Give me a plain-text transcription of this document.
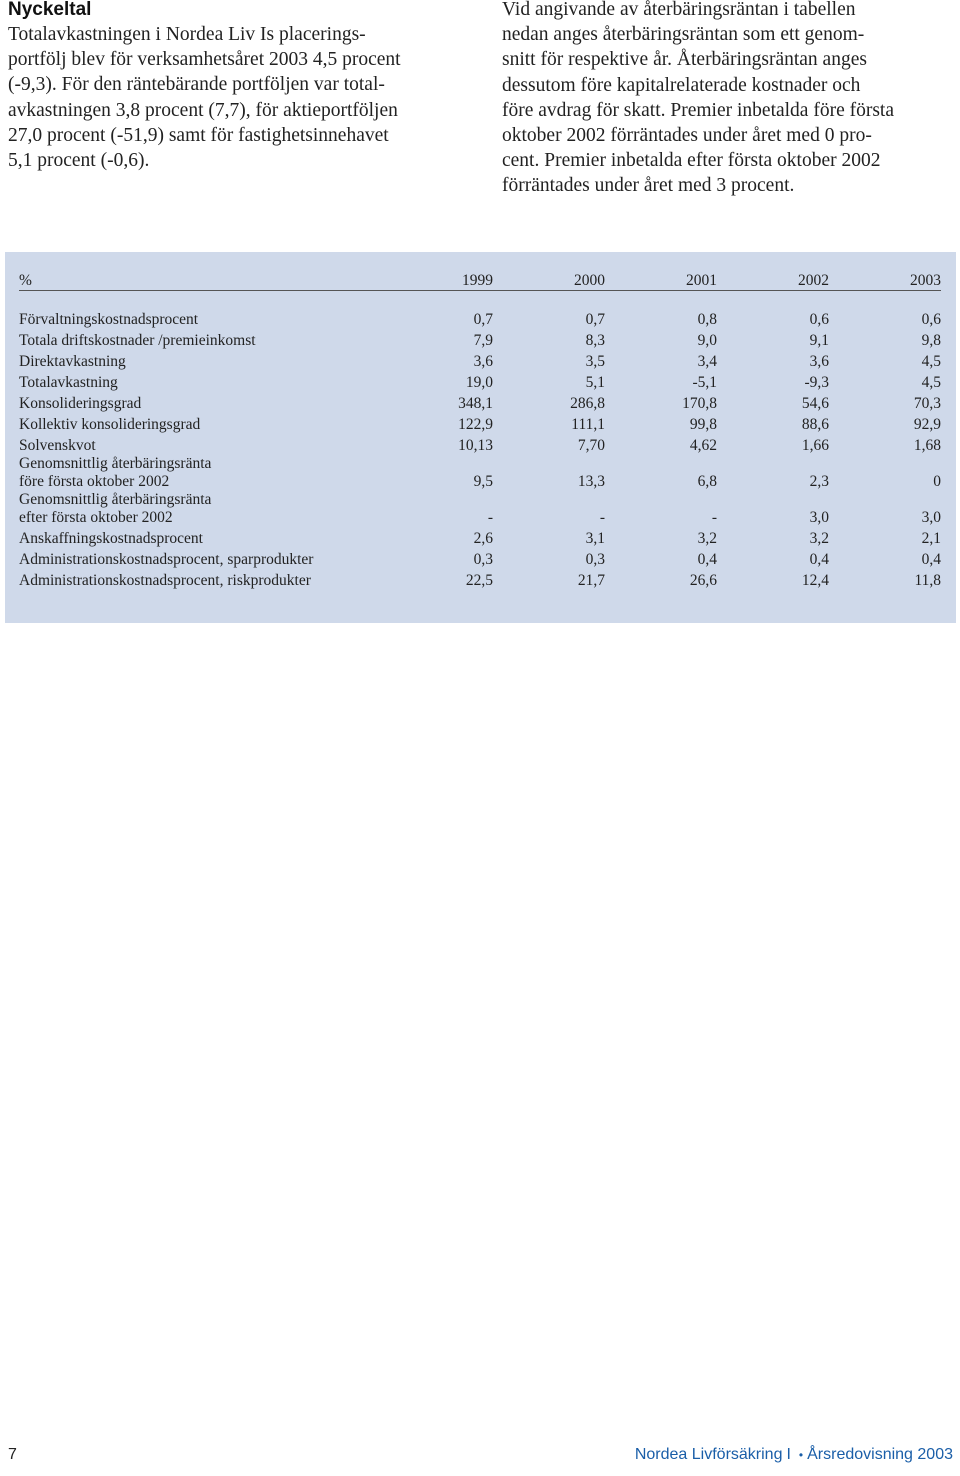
Nyckeltal

Totalavkastningen i Nordea Liv Is placerings-
portfölj blev för verksamhetsåret 2003 4,5 procent
(-9,3). För den räntebärande portföljen var total-
avkastningen 3,8 procent (7,7), för aktieportföljen
27,0 procent (-51,9) samt för fastighetsinnehavet
5,1 procent (-0,6).

Vid angivande av återbäringsräntan i tabellen
nedan anges återbäringsräntan som ett genom-
snitt för respektive år. Återbäringsräntan anges
dessutom före kapitalrelaterade kostnader och
före avdrag för skatt. Premier inbetalda före första
oktober 2002 förräntades under året med 0 pro-
cent. Premier inbetalda efter första oktober 2002
förräntades under året med 3 procent.

%	1999	2000	2001	2002	2003
Förvaltningskostnadsprocent	0,7	0,7	0,8	0,6	0,6
Totala driftskostnader /premieinkomst	7,9	8,3	9,0	9,1	9,8
Direktavkastning	3,6	3,5	3,4	3,6	4,5
Totalavkastning	19,0	5,1	-5,1	-9,3	4,5
Konsolideringsgrad	348,1	286,8	170,8	54,6	70,3
Kollektiv konsolideringsgrad	122,9	111,1	99,8	88,6	92,9
Solvenskvot	10,13	7,70	4,62	1,66	1,68
Genomsnittlig återbäringsränta
före första oktober 2002	9,5	13,3	6,8	2,3	0
Genomsnittlig återbäringsränta
efter första oktober 2002	-	-	-	3,0	3,0
Anskaffningskostnadsprocent	2,6	3,1	3,2	3,2	2,1
Administrationskostnadsprocent, sparprodukter	0,3	0,3	0,4	0,4	0,4
Administrationskostnadsprocent, riskprodukter	22,5	21,7	26,6	12,4	11,8
7	Nordea Livförsäkring I • Årsredovisning 2003
